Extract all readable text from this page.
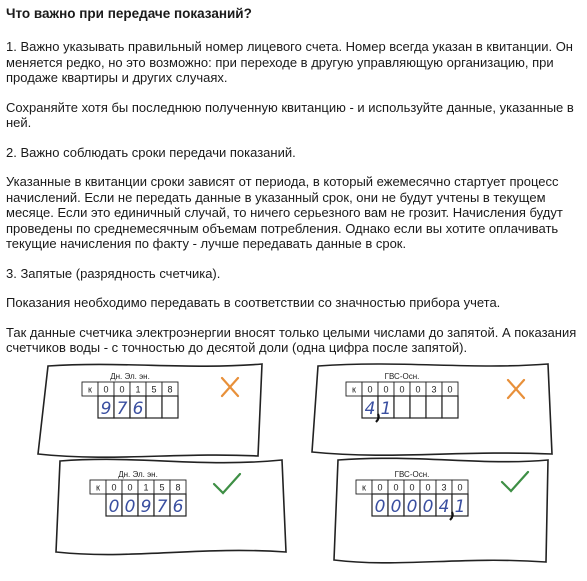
Что важно при передаче показаний?
1. Важно указывать правильный номер лицевого счета. Номер всегда указан в квитанции. Он меняется редко, но это возможно: при переходе в другую управляющую организацию, при продаже квартиры и других случаях.
Сохраняйте хотя бы последнюю полученную квитанцию - и используйте данные, указанные в ней.
2. Важно соблюдать сроки передачи показаний.
Указанные в квитанции сроки зависят от периода, в который ежемесячно стартует процесс начислений. Если не передать данные в указанный срок, они не будут учтены в текущем месяце. Если это единичный случай, то ничего серьезного вам не грозит. Начисления будут проведены по среднемесячным объемам потребления. Однако если вы хотите оплачивать текущие начисления по факту - лучше передавать данные в срок.
3. Запятые (разрядность счетчика).
Показания необходимо передавать в соответствии со значностью прибора учета.
Так данные счетчика электроэнергии вносят только целыми числами до запятой. А показания счетчиков воды - с точностью до десятой доли (одна цифра после запятой).
Дн. Эл. эн.
к 0 0 1 5 8
9 7 6
Дн. Эл. эн.
к 0 0 1 5 8
0 0 9 7 6
ГВС-Осн.
к 0 0 0 0 3 0
4 1
ГВС-Осн.
к 0 0 0 0 3 0
0 0 0 0 4 1
